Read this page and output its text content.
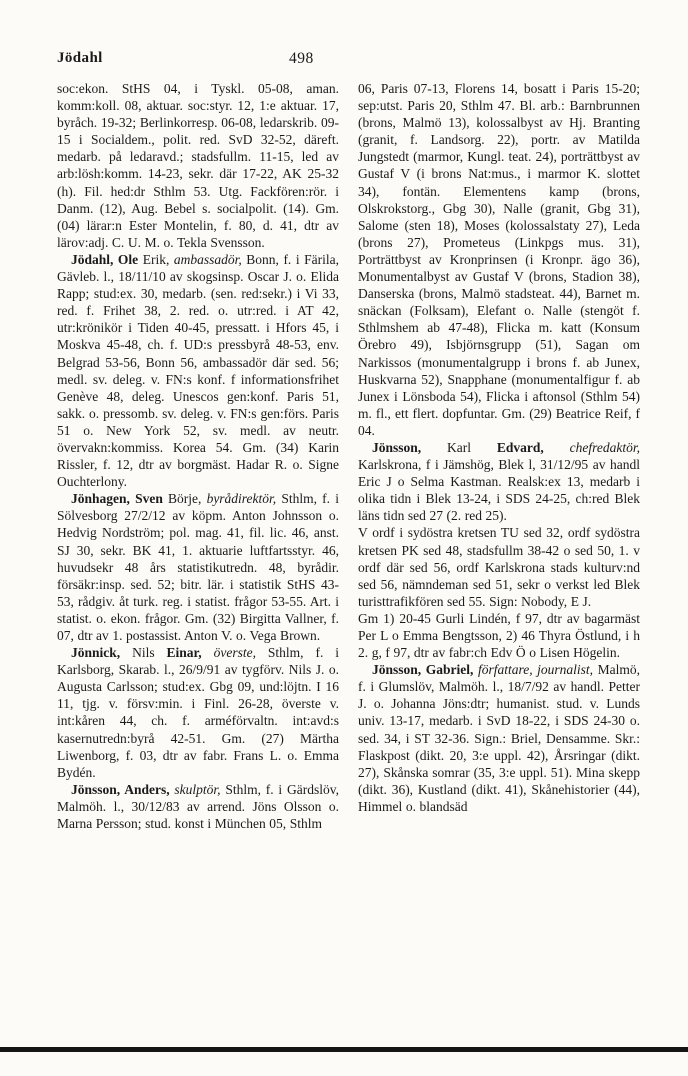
Jödahl	498

soc:ekon. StHS 04, i Tyskl. 05-08, aman. komm:koll. 08, aktuar. soc:styr. 12, 1:e aktuar. 17, byråch. 19-32; Berlinkorresp. 06-08, ledarskrib. 09-15 i Socialdem., polit. red. SvD 32-52, däreft. medarb. på ledaravd.; stadsfullm. 11-15, led av arb:lösh:komm. 14-23, sekr. där 17-22, AK 25-32 (h). Fil. hed:dr Sthlm 53. Utg. Fackfören:rör. i Danm. (12), Aug. Bebel s. socialpolit. (14). Gm. (04) lärar:n Ester Montelin, f. 80, d. 41, dtr av lärov:adj. C. U. M. o. Tekla Svensson.

Jödahl, Ole Erik, ambassadör, Bonn, f. i Färila, Gävleb. l., 18/11/10 av skogsinsp. Oscar J. o. Elida Rapp; stud:ex. 30, medarb. (sen. red:sekr.) i Vi 33, red. f. Frihet 38, 2. red. o. utr:red. i AT 42, utr:krönikör i Tiden 40-45, pressatt. i Hfors 45, i Moskva 45-48, ch. f. UD:s pressbyrå 48-53, env. Belgrad 53-56, Bonn 56, ambassadör där sed. 56; medl. sv. deleg. v. FN:s konf. f informationsfrihet Genève 48, deleg. Unescos gen:konf. Paris 51, sakk. o. pressomb. sv. deleg. v. FN:s gen:förs. Paris 51 o. New York 52, sv. medl. av neutr. övervakn:kommiss. Korea 54. Gm. (34) Karin Rissler, f. 12, dtr av borgmäst. Hadar R. o. Signe Ouchterlony.

Jönhagen, Sven Börje, byrådirektör, Sthlm, f. i Sölvesborg 27/2/12 av köpm. Anton Johnsson o. Hedvig Nordström; pol. mag. 41, fil. lic. 46, anst. SJ 30, sekr. BK 41, 1. aktuarie luftfartsstyr. 46, huvudsekr 48 års statistikutredn. 48, byrådir. försäkr:insp. sed. 52; bitr. lär. i statistik StHS 43-53, rådgiv. åt turk. reg. i statist. frågor 53-55. Art. i statist. o. ekon. frågor. Gm. (32) Birgitta Vallner, f. 07, dtr av 1. postassist. Anton V. o. Vega Brown.

Jönnick, Nils Einar, överste, Sthlm, f. i Karlsborg, Skarab. l., 26/9/91 av tygförv. Nils J. o. Augusta Carlsson; stud:ex. Gbg 09, und:löjtn. I 16 11, tjg. v. försv:min. i Finl. 26-28, överste v. int:kåren 44, ch. f. arméförvaltn. int:avd:s kasernutredn:byrå 42-51. Gm. (27) Märtha Liwenborg, f. 03, dtr av fabr. Frans L. o. Emma Bydén.

Jönsson, Anders, skulptör, Sthlm, f. i Gärdslöv, Malmöh. l., 30/12/83 av arrend. Jöns Olsson o. Marna Persson; stud. konst i München 05, Sthlm

06, Paris 07-13, Florens 14, bosatt i Paris 15-20; sep:utst. Paris 20, Sthlm 47. Bl. arb.: Barnbrunnen (brons, Malmö 13), kolossalbyst av Hj. Branting (granit, f. Landsorg. 22), portr. av Matilda Jungstedt (marmor, Kungl. teat. 24), porträttbyst av Gustaf V (i brons Nat:mus., i marmor K. slottet 34), fontän. Elementens kamp (brons, Olskrokstorg., Gbg 30), Nalle (granit, Gbg 31), Salome (sten 18), Moses (kolossalstaty 27), Leda (brons 27), Prometeus (Linkpgs mus. 31), Porträttbyst av Kronprinsen (i Kronpr. ägo 36), Monumentalbyst av Gustaf V (brons, Stadion 38), Danserska (brons, Malmö stadsteat. 44), Barnet m. snäckan (Folksam), Elefant o. Nalle (stengöt f. Sthlmshem ab 47-48), Flicka m. katt (Konsum Örebro 49), Isbjörnsgrupp (51), Sagan om Narkissos (monumentalgrupp i brons f. ab Junex, Huskvarna 52), Snapphane (monumentalfigur f. ab Junex i Lönsboda 54), Flicka i aftonsol (Sthlm 54) m. fl., ett flert. dopfuntar. Gm. (29) Beatrice Reif, f 04.

Jönsson, Karl Edvard, chefredaktör, Karlskrona, f i Jämshög, Blek l, 31/12/95 av handl Eric J o Selma Kastman. Realsk:ex 13, medarb i olika tidn i Blek 13-24, i SDS 24-25, ch:red Blek läns tidn sed 27 (2. red 25).

V ordf i sydöstra kretsen TU sed 32, ordf sydöstra kretsen PK sed 48, stadsfullm 38-42 o sed 50, 1. v ordf där sed 56, ordf Karlskrona stads kulturv:nd sed 56, nämndeman sed 51, sekr o verkst led Blek turisttrafikfören sed 55. Sign: Nobody, E J.

Gm 1) 20-45 Gurli Lindén, f 97, dtr av bagarmäst Per L o Emma Bengtsson, 2) 46 Thyra Östlund, i h 2. g, f 97, dtr av fabr:ch Edv Ö o Lisen Högelin.

Jönsson, Gabriel, författare, journalist, Malmö, f. i Glumslöv, Malmöh. l., 18/7/92 av handl. Petter J. o. Johanna Jöns:dtr; humanist. stud. v. Lunds univ. 13-17, medarb. i SvD 18-22, i SDS 24-30 o. sed. 34, i ST 32-36. Sign.: Briel, Densamme. Skr.: Flaskpost (dikt. 20, 3:e uppl. 42), Årsringar (dikt. 27), Skånska somrar (35, 3:e uppl. 51). Mina skepp (dikt. 36), Kustland (dikt. 41), Skånehistorier (44), Himmel o. blandsäd
